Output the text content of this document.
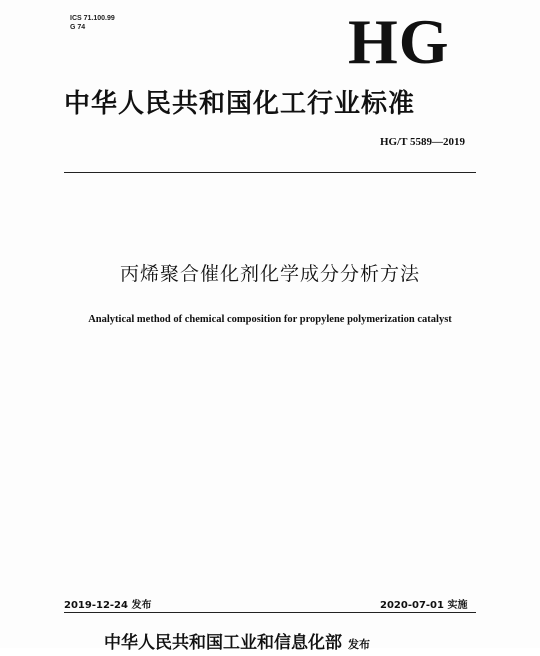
ICS 71.100.99
G 74	HG
中华人民共和国化工行业标准
HG/T 5589—2019
丙烯聚合催化剂化学成分分析方法
Analytical method of chemical composition for propylene polymerization catalyst
2019-12-24 发布	2020-07-01 实施
中华人民共和国工业和信息化部 发布
